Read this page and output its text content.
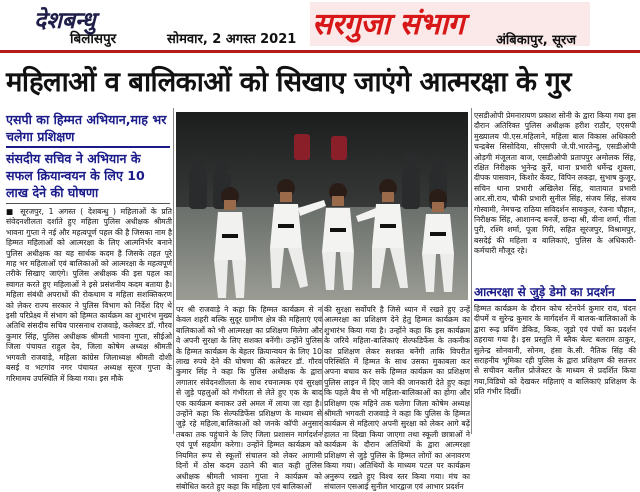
देशबन्धु
बिलासपुर	सोमवार, 2 अगस्त 2021 सरगुजा संभाग अंबिकापुर, सूरज
महिलाओं व बालिकाओं को सिखाए जाएंगे आत्मरक्षा के गुर
एसपी का हिम्मत अभियान,माह भर चलेगा प्रशिक्षण
संसदीय सचिव ने अभियान के सफल क्रियान्वयन के लिए 10 लाख देने की घोषणा
■ सूरजपुर, 1 अगस्त ( देशबन्धु ) महिलाओं के प्रति संवेदनशीलता दर्शाते हुए महिला पुलिस अधीक्षक श्रीमती भावना गुप्ता ने नई और महत्वपूर्ण पहल की है जिसका नाम है हिम्मत महिलाओं को आत्मरक्षा के लिए आत्मनिर्भर बनाने पुलिस अधीक्षक का यह सार्थक कदम है जिसके तहत पूरे माह भर महिलाओं एवं बालिकाओं को आत्मरक्षा के महत्वपूर्ण तरीके सिखाए जाएंगे। पुलिस अधीक्षक की इस पहल का स्वागत करते हुए महिलाओं ने इसे प्रसंशनीय कदम बताया है। महिला संबंधी अपराधों की रोकथाम व महिला सशक्तिकरण को लेकर राज्य सरकार ने पुलिस विभाग को निर्देश दिए थे इसी परिप्रेक्ष्य में संभाग को हिम्मत कार्यक्रम का शुभारंभ मुख्य अतिथि संसदीय सचिव पारसनाथ राजवाड़े, कलेक्टर डॉ. गौरव कुमार सिंह, पुलिस अधीक्षक श्रीमती भावना गुप्ता, सीईओ जिला पंचायत राहुल देव, जिला कोषेम अध्यक्ष श्रीमती भगवती राजवाड़े, महिला कांग्रेस जिलाध्यक्ष श्रीमती दोशी बसई व भटगांव नगर पंचायत अध्यक्ष सूरज गुप्ता के गरिमामय उपस्थिति में किया गया। इस मौके
पर श्री राजवाड़े ने कहा कि हिम्मत कार्यक्रम से न केवल शहरी बल्कि सुदूर ग्रामीण क्षेत्र की महिलाएं एवं बालिकाओं को भी आत्मरक्षा का प्रशिक्षण मिलेगा और वे अपनी सुरक्षा के लिए सशक्त बनेंगी। उन्होंने पुलिस के हिम्मत कार्यक्रम के बेहतर क्रियान्वयन के लिए 10 लाख रुपये देने की घोषणा की कलेक्टर डॉ. गौरव कुमार सिंह ने कहा कि पुलिस अधीक्षक के द्वारा लगातार संवेदनशीलता के साथ रचनात्मक एवं सुरक्षा से जुड़े पहलुओं को गंभीरता से लेते हुए एक के बाद एक कार्यक्रम बनाकर उसे अमल में लाया जा रहा है। उन्होंने कहा कि सेल्फडिफेंस प्रशिक्षण के माध्यम से जुड़े रहे महिला,बालिकाओं को जनके कॉपी अनुसार तबका तक पहुंचाने के लिए जिला प्रशासन मार्गदर्शन एवं पूर्ण सहयोग करेगा। उन्होंने हिम्मत कार्यक्रम को नियमित रूप से स्कूलों संचालन को लेकर आगामी दिनों में ठोस कदम उठाने की बात कही तुलिस अधीक्षक श्रीमती भावना गुप्ता ने कार्यक्रम को संबोधित करते हुए कहा कि महिला एवं बालिकाओं
की सुरक्षा सर्वोपरि है जिसे ध्यान में रखते हुए उन्हें आत्मरक्षा का प्रशिक्षण देने हेतु हिम्मत कार्यक्रम का शुभारंभ किया गया है। उन्होंने कहा कि इस कार्यक्रम के जरिये महिला-बालिकाएं सेल्फडिफेंस के तकनीक का प्रशिक्षण लेकर सशक्त बनेंगी ताकि विपरीत परिस्थिति में हिम्मत के साथ उसका मुकाबला कर अपना बचाव कर सकें हिम्मत कार्यक्रम का प्रशिक्षण पुलिस लाइन में दिए जाने की जानकारी देते हुए कहा कि पहले बैच से भी महिला-बालिकाओं का होगा और प्रशिक्षण एक महिने तक चलेगा जिला कोषेम अध्यक्ष श्रीमती भगवती राजवाड़े ने कहा कि पुलिस के हिम्मत कार्यक्रम से महिलाएं अपनी सुरक्षा को लेकर आगे बढ़ें हालत ना दिखा किया जाएगा तथा स्कूली छात्राओं ने कार्यक्रम के दौरान अतिथियों के द्वारा आत्मरक्षा प्रशिक्षण से जुड़े पुलिस के हिम्मत लोगों का अनावरण किया गया। अतिथियों के माध्यम पटल पर कार्यक्रम अनुरूप रखते हुए विश्व स्तर किया गया। मंच का संचालन एसआई सुनील भारद्वाज एवं आभार प्रदर्शन
एसडीओपी प्रेमनारायण प्रकाश सोनी के द्वारा किया गया इस दौरान अतिरिक्त पुलिस अधीक्षक हरीश राठौर, एएसपी मुख्यालय पी.एस.महिलाने, महिला बाल विकास अधिकारी चन्द्रबेस सिसोदिया, सीएसपी जे.पी.भारतेन्दु, एसडीओपी ओड़गी मंजूलता बाज, एसडीओपी प्रतापपुर अमोलक सिंह, रक्षित निरीक्षक भुनेन्द्र कुर्रे, थाना प्रभारी धर्मेन्द्र शुक्ला, दीपक पासवान, किशोर केंवट, विपिन लकड़ा, सुभाष कुजूर, सचिन थाना प्रभारी अखिलेश सिंह, यातायात प्रभारी आर.सी.राय, चौकी प्रभारी सुनील सिंह, संजय सिंह, संजय गोस्वामी, नेमचन्द्र राठिया सविदर्शन सायकुल, रंजना चौहान, निरीक्षक सिंह, आशानन्द बनर्जे, छन्दा श्री, वीना शर्मा, गीता पुरी, रश्मि शर्मा, पूजा गिरी, सहित सूरजपुर, विश्रामपुर, बसदेई की महिला व बालिकाएं, पुलिस के अधिकारी-कर्मचारी मौजूद रहे।
आत्मरक्षा से जुड़े डेमो का प्रदर्शन
हिम्मत कार्यक्रम के दौरान कोच स्टेनपेर्न कुमार राव, चंदन दीपमें व सुरेन्द्र कुमार के मार्गदर्शन में बालक-बालिकाओं के द्वारा रूढ़ प्रविंग डेकिड, किक, जूडो एवं पंचों का प्रदर्शन ठहराया गया है। इस प्रस्तुति में ब्लैक बेल्ट बलराम ठाकुर, सुलेन्द्र सोनवानी, सोनम, हंसा के.सी. नैतिक सिंह की सराहनीय भूमिका रही पुलिस के द्वारा प्रशिक्षण की सतत्तर से सचीवन बलील प्रोजेक्टर के माध्यम से प्रदर्शित किया गया,विडियो को देखकर महिलाएं व बालिकाएं प्रशिक्षण के प्रति गंभीर दिखीं।
